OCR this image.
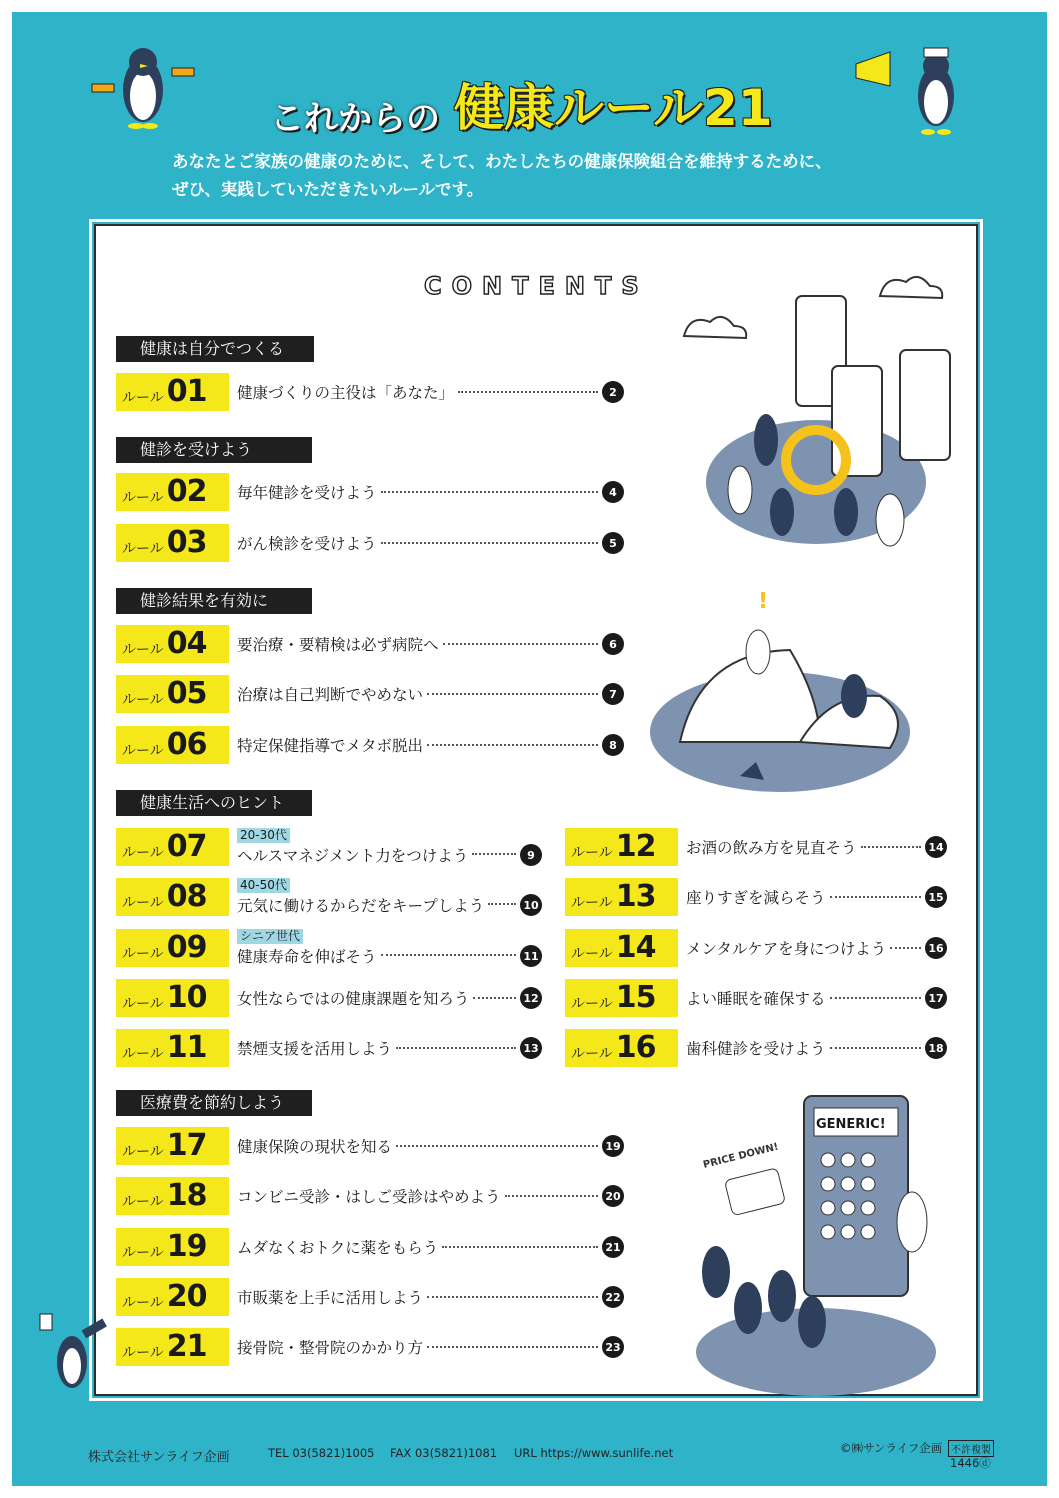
これからの 健康ルール21
あなたとご家族の健康のために、そして、わたしたちの健康保険組合を維持するために、
ぜひ、実践していただきたいルールです。
CONTENTS
!
GENERIC!
PRICE DOWN!
健康は自分でつくる
健診を受けよう
健診結果を有効に
健康生活へのヒント
医療費を節約しよう
ルール 01 健康づくりの主役は「あなた」	2
ルール 02 毎年健診を受けよう	4
ルール 03 がん検診を受けよう	5
ルール 04 要治療・要精検は必ず病院へ	6
ルール 05 治療は自己判断でやめない	7
ルール 06 特定保健指導でメタボ脱出	8
ルール 07	20-30代
ヘルスマネジメント力をつけよう	9
ルール 08	40-50代
元気に働けるからだをキープしよう	10
ルール 09	シニア世代
健康寿命を伸ばそう	11
ルール 10 女性ならではの健康課題を知ろう	12
ルール 11 禁煙支援を活用しよう	13
ルール 12 お酒の飲み方を見直そう	14
ルール 13 座りすぎを減らそう	15
ルール 14 メンタルケアを身につけよう	16
ルール 15 よい睡眠を確保する	17
ルール 16 歯科健診を受けよう	18
ルール 17 健康保険の現状を知る	19
ルール 18 コンビニ受診・はしご受診はやめよう	20
ルール 19 ムダなくおトクに薬をもらう	21
ルール 20 市販薬を上手に活用しよう	22
ルール 21 接骨院・整骨院のかかり方	23
株式会社サンライフ企画	TEL 03(5821)1005 FAX 03(5821)1081 URL https://www.sunlife.net	©㈱サンライフ企画 不許複製
1446ⓓ
